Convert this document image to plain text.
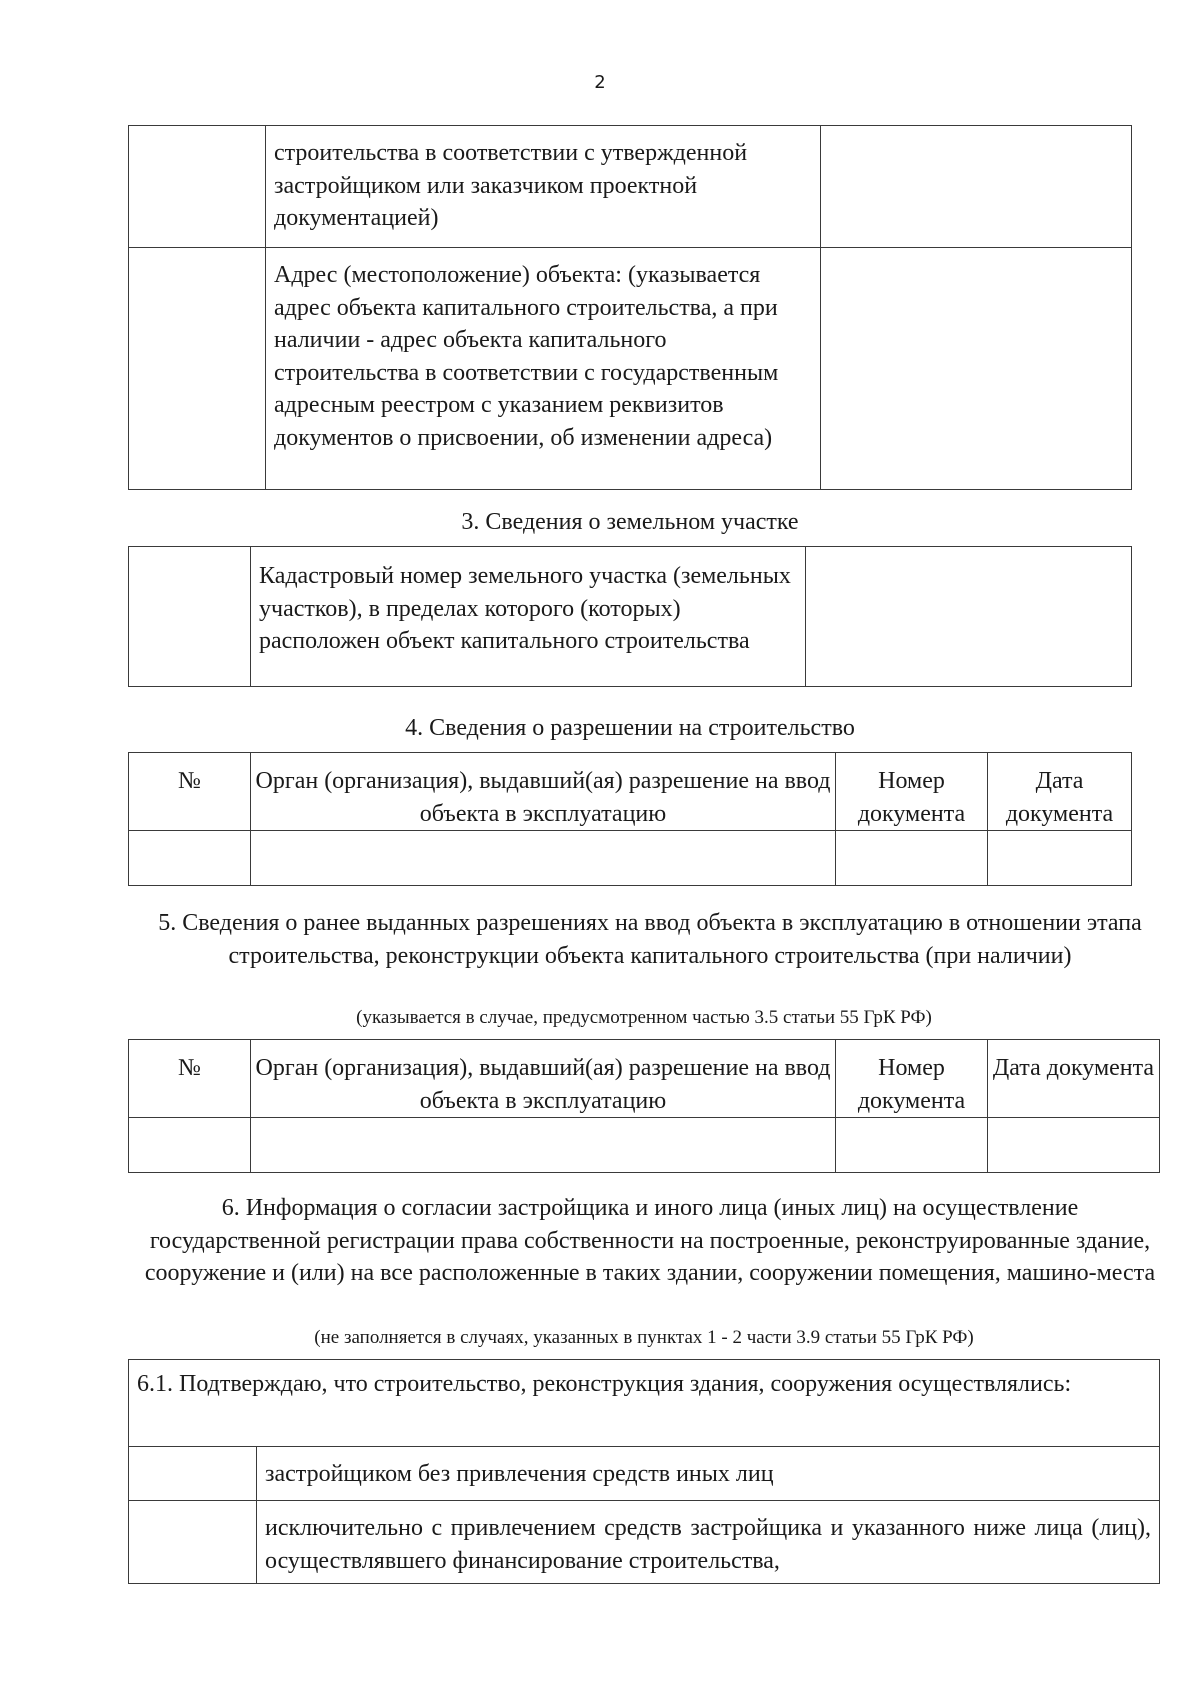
2
	строительства в соответствии с утвержденной застройщиком или заказчиком проектной документацией)	
	Адрес (местоположение) объекта: (указывается адрес объекта капитального строительства, а при наличии - адрес объекта капитального строительства в соответствии с государственным адресным реестром с указанием реквизитов документов о присвоении, об изменении адреса)	
3. Сведения о земельном участке
	Кадастровый номер земельного участка (земельных участков), в пределах которого (которых) расположен объект капитального строительства	
4. Сведения о разрешении на строительство
№	Орган (организация), выдавший(ая) разрешение на ввод объекта в эксплуатацию	Номер документа	Дата документа

5. Сведения о ранее выданных разрешениях на ввод объекта в эксплуатацию в отношении этапа строительства, реконструкции объекта капитального строительства (при наличии)
(указывается в случае, предусмотренном частью 3.5 статьи 55 ГрК РФ)
№	Орган (организация), выдавший(ая) разрешение на ввод объекта в эксплуатацию	Номер документа	Дата документа

6. Информация о согласии застройщика и иного лица (иных лиц) на осуществление государственной регистрации права собственности на построенные, реконструированные здание, сооружение и (или) на все расположенные в таких здании, сооружении помещения, машино-места
(не заполняется в случаях, указанных в пунктах 1 - 2 части 3.9 статьи 55 ГрК РФ)
6.1. Подтверждаю, что строительство, реконструкция здания, сооружения осуществлялись:	
	застройщиком без привлечения средств иных лиц
	исключительно с привлечением средств застройщика и указанного ниже лица (лиц), осуществлявшего финансирование строительства,
